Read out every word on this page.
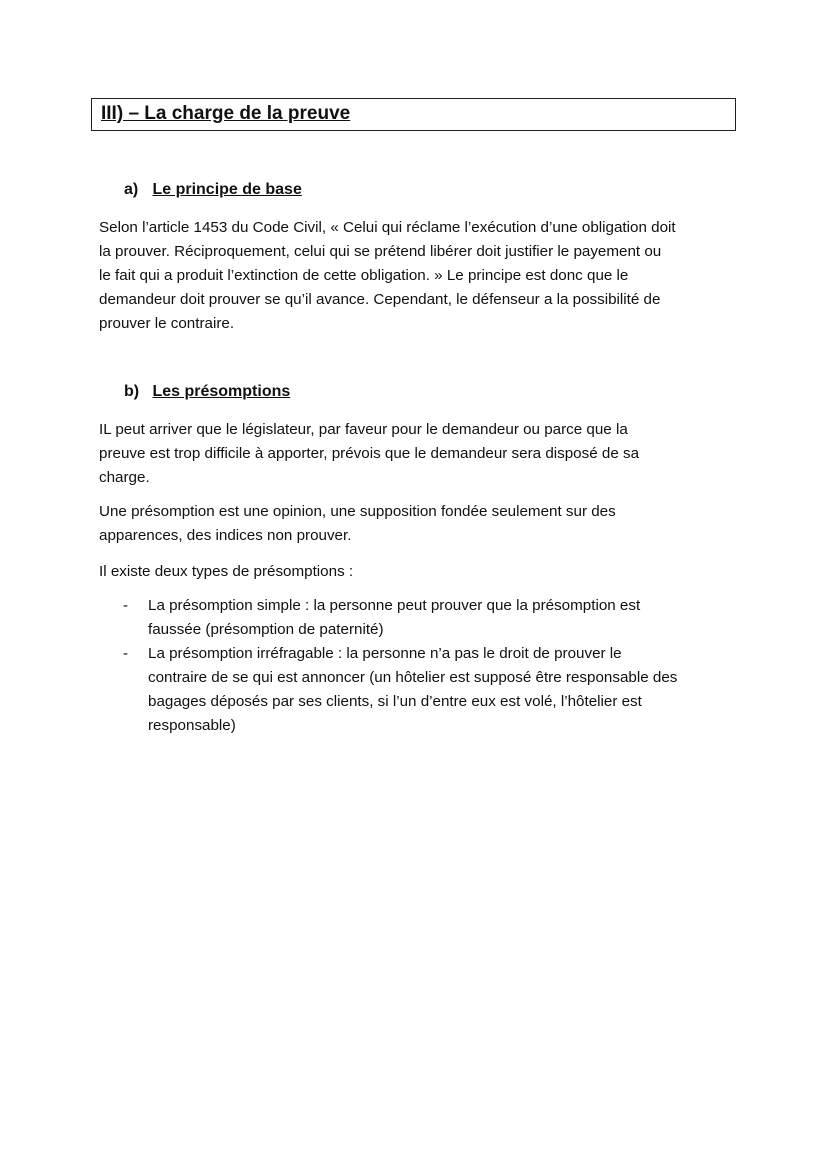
III) – La charge de la preuve
a) Le principe de base
Selon l’article 1453 du Code Civil, « Celui qui réclame l’exécution d’une obligation doit
la prouver. Réciproquement, celui qui se prétend libérer doit justifier le payement ou
le fait qui a produit l’extinction de cette obligation. » Le principe est donc que le
demandeur doit prouver se qu’il avance. Cependant, le défenseur a la possibilité de
prouver le contraire.
b) Les présomptions
IL peut arriver que le législateur, par faveur pour le demandeur ou parce que la
preuve est trop difficile à apporter, prévois que le demandeur sera disposé de sa
charge.
Une présomption est une opinion, une supposition fondée seulement sur des
apparences, des indices non prouver.
Il existe deux types de présomptions :
- La présomption simple : la personne peut prouver que la présomption est
faussée (présomption de paternité)
- La présomption irréfragable : la personne n’a pas le droit de prouver le
contraire de se qui est annoncer (un hôtelier est supposé être responsable des
bagages déposés par ses clients, si l’un d’entre eux est volé, l’hôtelier est
responsable)
